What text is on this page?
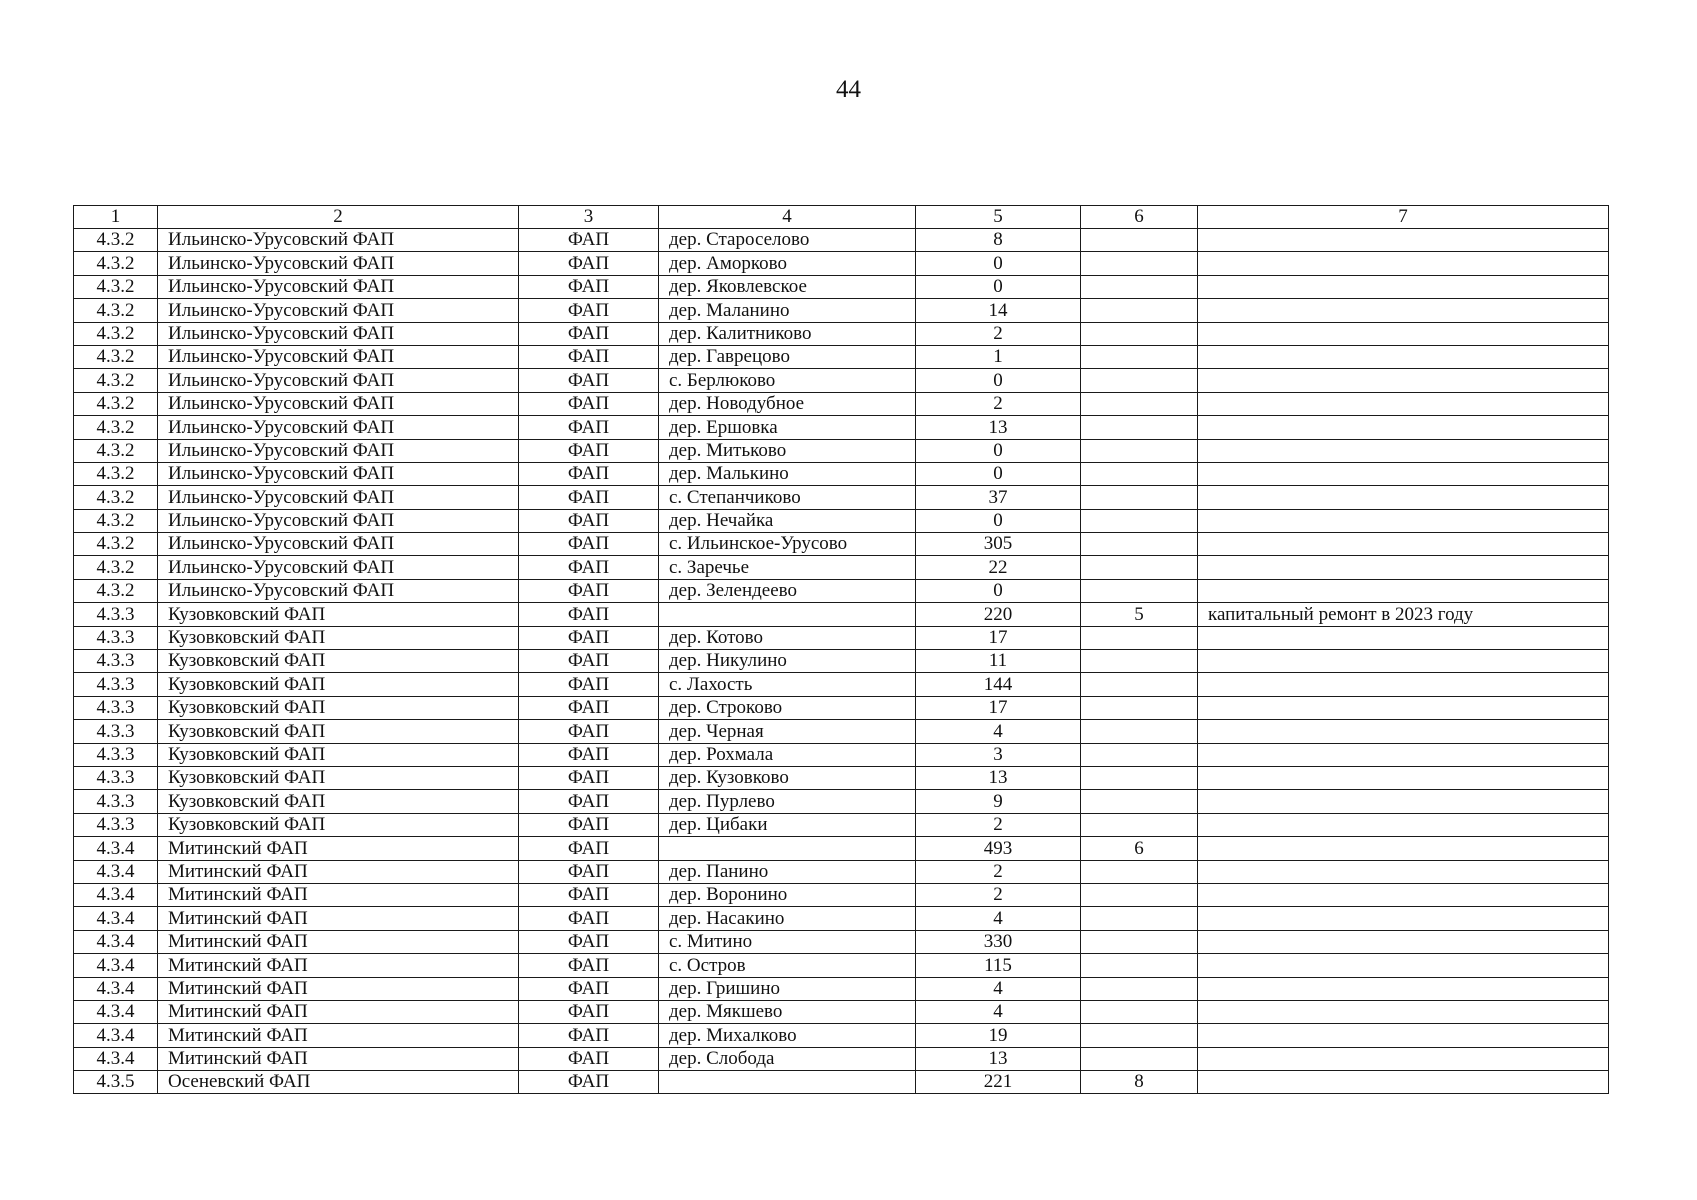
44
1	2	3	4	5	6	7
4.3.2	Ильинско-Урусовский ФАП	ФАП	дер. Староселово	8		
4.3.2	Ильинско-Урусовский ФАП	ФАП	дер. Аморково	0		
4.3.2	Ильинско-Урусовский ФАП	ФАП	дер. Яковлевское	0		
4.3.2	Ильинско-Урусовский ФАП	ФАП	дер. Маланино	14		
4.3.2	Ильинско-Урусовский ФАП	ФАП	дер. Калитниково	2		
4.3.2	Ильинско-Урусовский ФАП	ФАП	дер. Гаврецово	1		
4.3.2	Ильинско-Урусовский ФАП	ФАП	с. Берлюково	0		
4.3.2	Ильинско-Урусовский ФАП	ФАП	дер. Новодубное	2		
4.3.2	Ильинско-Урусовский ФАП	ФАП	дер. Ершовка	13		
4.3.2	Ильинско-Урусовский ФАП	ФАП	дер. Митьково	0		
4.3.2	Ильинско-Урусовский ФАП	ФАП	дер. Малькино	0		
4.3.2	Ильинско-Урусовский ФАП	ФАП	с. Степанчиково	37		
4.3.2	Ильинско-Урусовский ФАП	ФАП	дер. Нечайка	0		
4.3.2	Ильинско-Урусовский ФАП	ФАП	с. Ильинское-Урусово	305		
4.3.2	Ильинско-Урусовский ФАП	ФАП	с. Заречье	22		
4.3.2	Ильинско-Урусовский ФАП	ФАП	дер. Зелендеево	0		
4.3.3	Кузовковский ФАП	ФАП		220	5	капитальный ремонт в 2023 году
4.3.3	Кузовковский ФАП	ФАП	дер. Котово	17		
4.3.3	Кузовковский ФАП	ФАП	дер. Никулино	11		
4.3.3	Кузовковский ФАП	ФАП	с. Лахость	144		
4.3.3	Кузовковский ФАП	ФАП	дер. Строково	17		
4.3.3	Кузовковский ФАП	ФАП	дер. Черная	4		
4.3.3	Кузовковский ФАП	ФАП	дер. Рохмала	3		
4.3.3	Кузовковский ФАП	ФАП	дер. Кузовково	13		
4.3.3	Кузовковский ФАП	ФАП	дер. Пурлево	9		
4.3.3	Кузовковский ФАП	ФАП	дер. Цибаки	2		
4.3.4	Митинский ФАП	ФАП		493	6	
4.3.4	Митинский ФАП	ФАП	дер. Панино	2		
4.3.4	Митинский ФАП	ФАП	дер. Воронино	2		
4.3.4	Митинский ФАП	ФАП	дер. Насакино	4		
4.3.4	Митинский ФАП	ФАП	с. Митино	330		
4.3.4	Митинский ФАП	ФАП	с. Остров	115		
4.3.4	Митинский ФАП	ФАП	дер. Гришино	4		
4.3.4	Митинский ФАП	ФАП	дер. Мякшево	4		
4.3.4	Митинский ФАП	ФАП	дер. Михалково	19		
4.3.4	Митинский ФАП	ФАП	дер. Слобода	13		
4.3.5	Осеневский ФАП	ФАП		221	8	
